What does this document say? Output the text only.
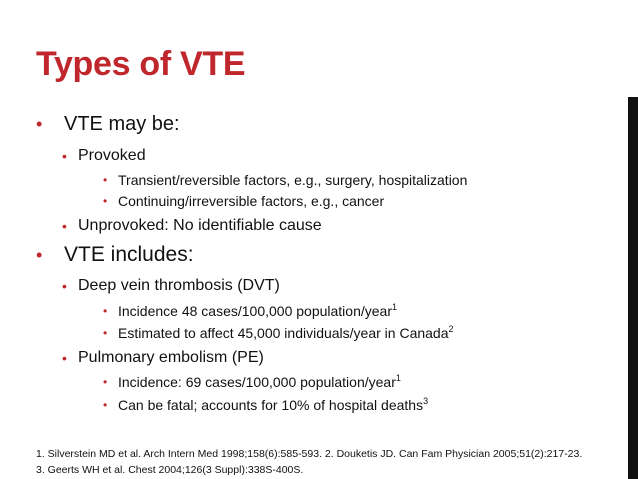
Types of VTE
• VTE may be:
• Provoked
• Transient/reversible factors, e.g., surgery, hospitalization
• Continuing/irreversible factors, e.g., cancer
• Unprovoked: No identifiable cause
• VTE includes:
• Deep vein thrombosis (DVT)
• Incidence 48 cases/100,000 population/year$^1$
• Estimated to affect 45,000 individuals/year in Canada$^2$
• Pulmonary embolism (PE)
• Incidence: 69 cases/100,000 population/year$^1$
• Can be fatal; accounts for 10% of hospital deaths$^3$
1. Silverstein MD et al. Arch Intern Med 1998;158(6):585-593. 2. Douketis JD. Can Fam Physician 2005;51(2):217-23.
3. Geerts WH et al. Chest 2004;126(3 Suppl):338S-400S.
